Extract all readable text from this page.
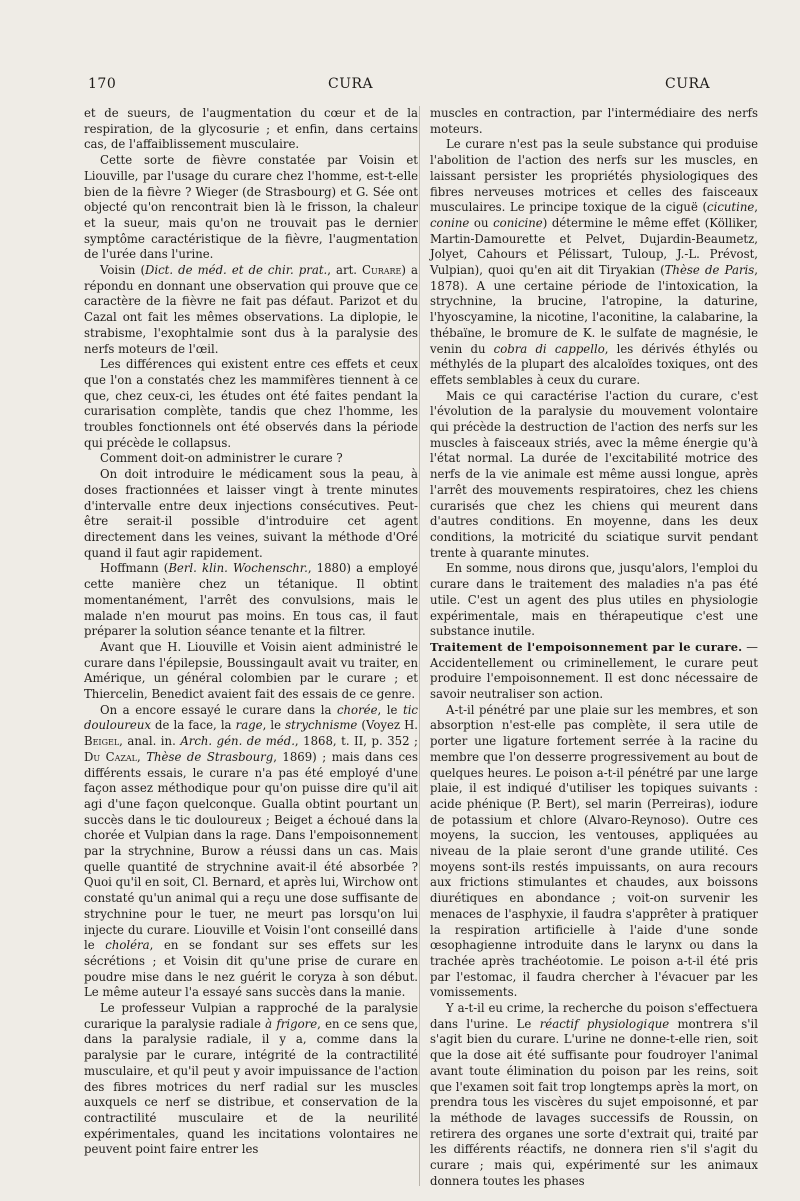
170	CURA	CURA

et de sueurs, de l'augmentation du cœur et de la respiration, de la glycosurie ; et enfin, dans certains cas, de l'affaiblissement musculaire.

Cette sorte de fièvre constatée par Voisin et Liouville, par l'usage du curare chez l'homme, est-t-elle bien de la fièvre ? Wieger (de Strasbourg) et G. Sée ont objecté qu'on rencontrait bien là le frisson, la chaleur et la sueur, mais qu'on ne trouvait pas le dernier symptôme caractéristique de la fièvre, l'augmentation de l'urée dans l'urine.

Voisin (Dict. de méd. et de chir. prat., art. Curare) a répondu en donnant une observation qui prouve que ce caractère de la fièvre ne fait pas défaut. Parizot et du Cazal ont fait les mêmes observations. La diplopie, le strabisme, l'exophtalmie sont dus à la paralysie des nerfs moteurs de l'œil.

Les différences qui existent entre ces effets et ceux que l'on a constatés chez les mammifères tiennent à ce que, chez ceux-ci, les études ont été faites pendant la curarisation complète, tandis que chez l'homme, les troubles fonctionnels ont été observés dans la période qui précède le collapsus.

Comment doit-on administrer le curare ?

On doit introduire le médicament sous la peau, à doses fractionnées et laisser vingt à trente minutes d'intervalle entre deux injections consécutives. Peut-être serait-il possible d'introduire cet agent directement dans les veines, suivant la méthode d'Oré quand il faut agir rapidement.

Hoffmann (Berl. klin. Wochenschr., 1880) a employé cette manière chez un tétanique. Il obtint momentanément, l'arrêt des convulsions, mais le malade n'en mourut pas moins. En tous cas, il faut préparer la solution séance tenante et la filtrer.

Avant que H. Liouville et Voisin aient administré le curare dans l'épilepsie, Boussingault avait vu traiter, en Amérique, un général colombien par le curare ; et Thiercelin, Benedict avaient fait des essais de ce genre.

On a encore essayé le curare dans la chorée, le tic douloureux de la face, la rage, le strychnisme (Voyez H. Beigel, anal. in. Arch. gén. de méd., 1868, t. II, p. 352 ; Du Cazal, Thèse de Strasbourg, 1869) ; mais dans ces différents essais, le curare n'a pas été employé d'une façon assez méthodique pour qu'on puisse dire qu'il ait agi d'une façon quelconque. Gualla obtint pourtant un succès dans le tic douloureux ; Beiget a échoué dans la chorée et Vulpian dans la rage. Dans l'empoisonnement par la strychnine, Burow a réussi dans un cas. Mais quelle quantité de strychnine avait-il été absorbée ? Quoi qu'il en soit, Cl. Bernard, et après lui, Wirchow ont constaté qu'un animal qui a reçu une dose suffisante de strychnine pour le tuer, ne meurt pas lorsqu'on lui injecte du curare. Liouville et Voisin l'ont conseillé dans le choléra, en se fondant sur ses effets sur les sécrétions ; et Voisin dit qu'une prise de curare en poudre mise dans le nez guérit le coryza à son début. Le même auteur l'a essayé sans succès dans la manie.

Le professeur Vulpian a rapproché de la paralysie curarique la paralysie radiale à frigore, en ce sens que, dans la paralysie radiale, il y a, comme dans la paralysie par le curare, intégrité de la contractilité musculaire, et qu'il peut y avoir impuissance de l'action des fibres motrices du nerf radial sur les muscles auxquels ce nerf se distribue, et conservation de la contractilité musculaire et de la neurilité expérimentales, quand les incitations volontaires ne peuvent point faire entrer les

muscles en contraction, par l'intermédiaire des nerfs moteurs.

Le curare n'est pas la seule substance qui produise l'abolition de l'action des nerfs sur les muscles, en laissant persister les propriétés physiologiques des fibres nerveuses motrices et celles des faisceaux musculaires. Le principe toxique de la ciguë (cicutine, conine ou conicine) détermine le même effet (Kölliker, Martin-Damourette et Pelvet, Dujardin-Beaumetz, Jolyet, Cahours et Pélissart, Tuloup, J.-L. Prévost, Vulpian), quoi qu'en ait dit Tiryakian (Thèse de Paris, 1878). A une certaine période de l'intoxication, la strychnine, la brucine, l'atropine, la daturine, l'hyoscyamine, la nicotine, l'aconitine, la calabarine, la thébaïne, le bromure de K. le sulfate de magnésie, le venin du cobra di cappello, les dérivés éthylés ou méthylés de la plupart des alcaloïdes toxiques, ont des effets semblables à ceux du curare.

Mais ce qui caractérise l'action du curare, c'est l'évolution de la paralysie du mouvement volontaire qui précède la destruction de l'action des nerfs sur les muscles à faisceaux striés, avec la même énergie qu'à l'état normal. La durée de l'excitabilité motrice des nerfs de la vie animale est même aussi longue, après l'arrêt des mouvements respiratoires, chez les chiens curarisés que chez les chiens qui meurent dans d'autres conditions. En moyenne, dans les deux conditions, la motricité du sciatique survit pendant trente à quarante minutes.

En somme, nous dirons que, jusqu'alors, l'emploi du curare dans le traitement des maladies n'a pas été utile. C'est un agent des plus utiles en physiologie expérimentale, mais en thérapeutique c'est une substance inutile.

Traitement de l'empoisonnement par le curare. — Accidentellement ou criminellement, le curare peut produire l'empoisonnement. Il est donc nécessaire de savoir neutraliser son action.

A-t-il pénétré par une plaie sur les membres, et son absorption n'est-elle pas complète, il sera utile de porter une ligature fortement serrée à la racine du membre que l'on desserre progressivement au bout de quelques heures. Le poison a-t-il pénétré par une large plaie, il est indiqué d'utiliser les topiques suivants : acide phénique (P. Bert), sel marin (Perreiras), iodure de potassium et chlore (Alvaro-Reynoso). Outre ces moyens, la succion, les ventouses, appliquées au niveau de la plaie seront d'une grande utilité. Ces moyens sont-ils restés impuissants, on aura recours aux frictions stimulantes et chaudes, aux boissons diurétiques en abondance ; voit-on survenir les menaces de l'asphyxie, il faudra s'apprêter à pratiquer la respiration artificielle à l'aide d'une sonde œsophagienne introduite dans le larynx ou dans la trachée après trachéotomie. Le poison a-t-il été pris par l'estomac, il faudra chercher à l'évacuer par les vomissements.

Y a-t-il eu crime, la recherche du poison s'effectuera dans l'urine. Le réactif physiologique montrera s'il s'agit bien du curare. L'urine ne donne-t-elle rien, soit que la dose ait été suffisante pour foudroyer l'animal avant toute élimination du poison par les reins, soit que l'examen soit fait trop longtemps après la mort, on prendra tous les viscères du sujet empoisonné, et par la méthode de lavages successifs de Roussin, on retirera des organes une sorte d'extrait qui, traité par les différents réactifs, ne donnera rien s'il s'agit du curare ; mais qui, expérimenté sur les animaux donnera toutes les phases
